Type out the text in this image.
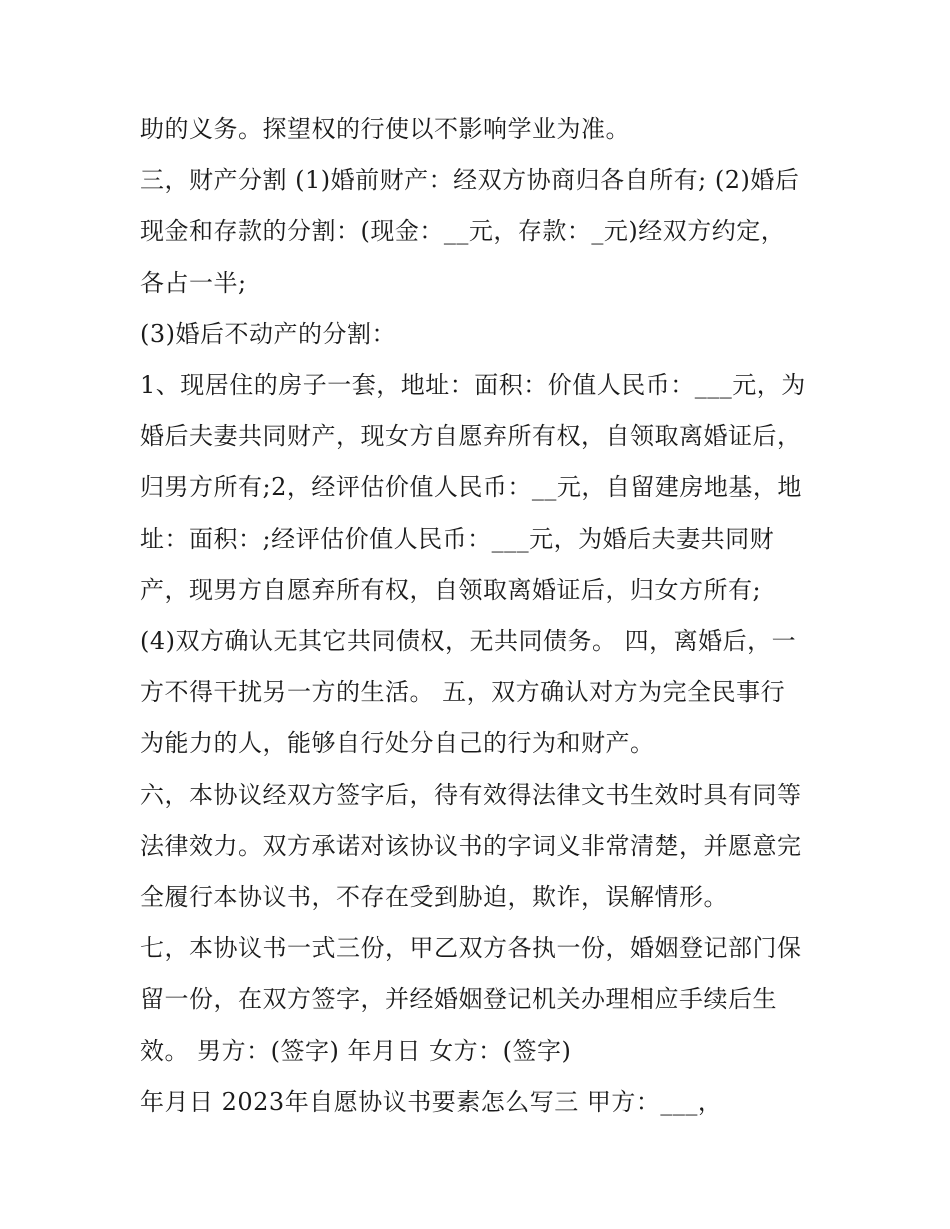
助的义务。探望权的行使以不影响学业为准。
三，财产分割 (1)婚前财产：经双方协商归各自所有; (2)婚后
现金和存款的分割：(现金：__元，存款：_元)经双方约定，
各占一半;
(3)婚后不动产的分割：
1、现居住的房子一套，地址：面积：价值人民币：___元，为
婚后夫妻共同财产，现女方自愿弃所有权，自领取离婚证后，
归男方所有;2，经评估价值人民币：__元，自留建房地基，地
址：面积：;经评估价值人民币：___元，为婚后夫妻共同财
产，现男方自愿弃所有权，自领取离婚证后，归女方所有;
(4)双方确认无其它共同债权，无共同债务。 四，离婚后，一
方不得干扰另一方的生活。 五，双方确认对方为完全民事行
为能力的人，能够自行处分自己的行为和财产。
六，本协议经双方签字后，待有效得法律文书生效时具有同等
法律效力。双方承诺对该协议书的字词义非常清楚，并愿意完
全履行本协议书，不存在受到胁迫，欺诈，误解情形。
七，本协议书一式三份，甲乙双方各执一份，婚姻登记部门保
留一份，在双方签字，并经婚姻登记机关办理相应手续后生
效。 男方：(签字) 年月日 女方：(签字)
年月日 2023年自愿协议书要素怎么写三 甲方：___，
